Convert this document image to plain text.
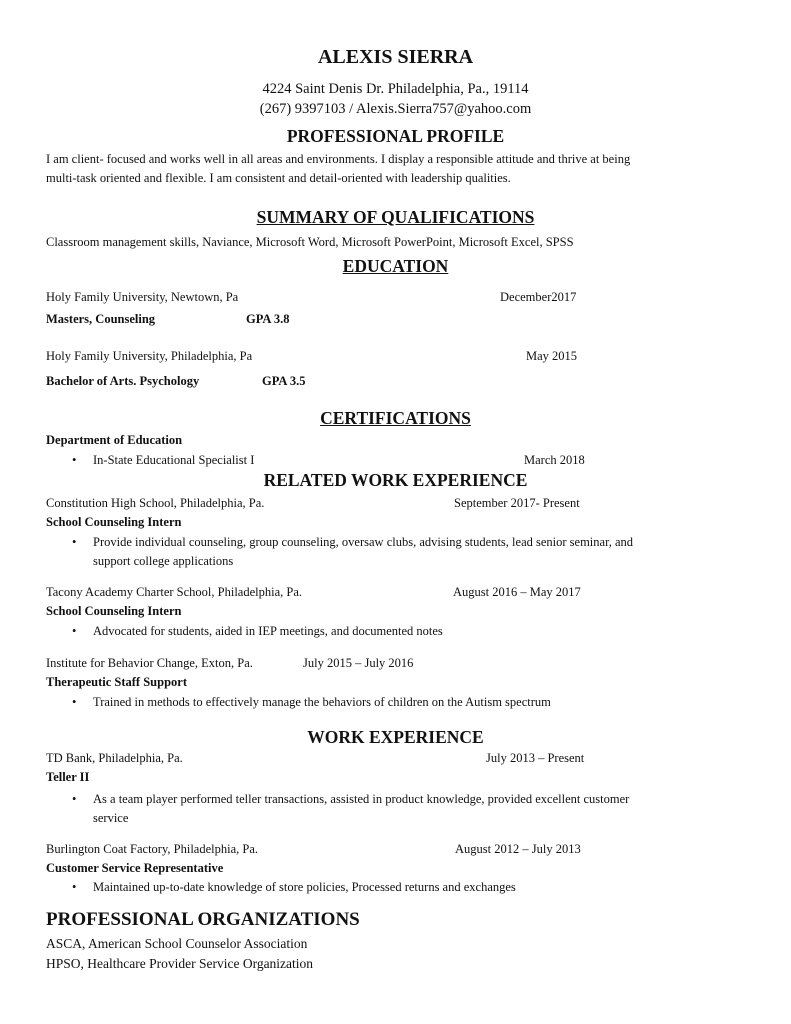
ALEXIS SIERRA
4224 Saint Denis Dr. Philadelphia, Pa., 19114
(267) 9397103 / Alexis.Sierra757@yahoo.com
PROFESSIONAL PROFILE
I am client- focused and works well in all areas and environments. I display a responsible attitude and thrive at being
multi-task oriented and flexible. I am consistent and detail-oriented with leadership qualities.
SUMMARY OF QUALIFICATIONS
Classroom management skills, Naviance, Microsoft Word, Microsoft PowerPoint, Microsoft Excel, SPSS
EDUCATION
Holy Family University, Newtown, Pa	December2017
Masters, Counseling	GPA 3.8
Holy Family University, Philadelphia, Pa	May 2015
Bachelor of Arts. Psychology	GPA 3.5
CERTIFICATIONS
Department of Education
• In-State Educational Specialist I	March 2018
RELATED WORK EXPERIENCE
Constitution High School, Philadelphia, Pa.	September 2017- Present
School Counseling Intern
• Provide individual counseling, group counseling, oversaw clubs, advising students, lead senior seminar, and
support college applications
Tacony Academy Charter School, Philadelphia, Pa.	August 2016 – May 2017
School Counseling Intern
• Advocated for students, aided in IEP meetings, and documented notes
Institute for Behavior Change, Exton, Pa.	July 2015 – July 2016
Therapeutic Staff Support
• Trained in methods to effectively manage the behaviors of children on the Autism spectrum
WORK EXPERIENCE
TD Bank, Philadelphia, Pa.	July 2013 – Present
Teller II
• As a team player performed teller transactions, assisted in product knowledge, provided excellent customer
service
Burlington Coat Factory, Philadelphia, Pa.	August 2012 – July 2013
Customer Service Representative
• Maintained up-to-date knowledge of store policies, Processed returns and exchanges
PROFESSIONAL ORGANIZATIONS
ASCA, American School Counselor Association
HPSO, Healthcare Provider Service Organization
